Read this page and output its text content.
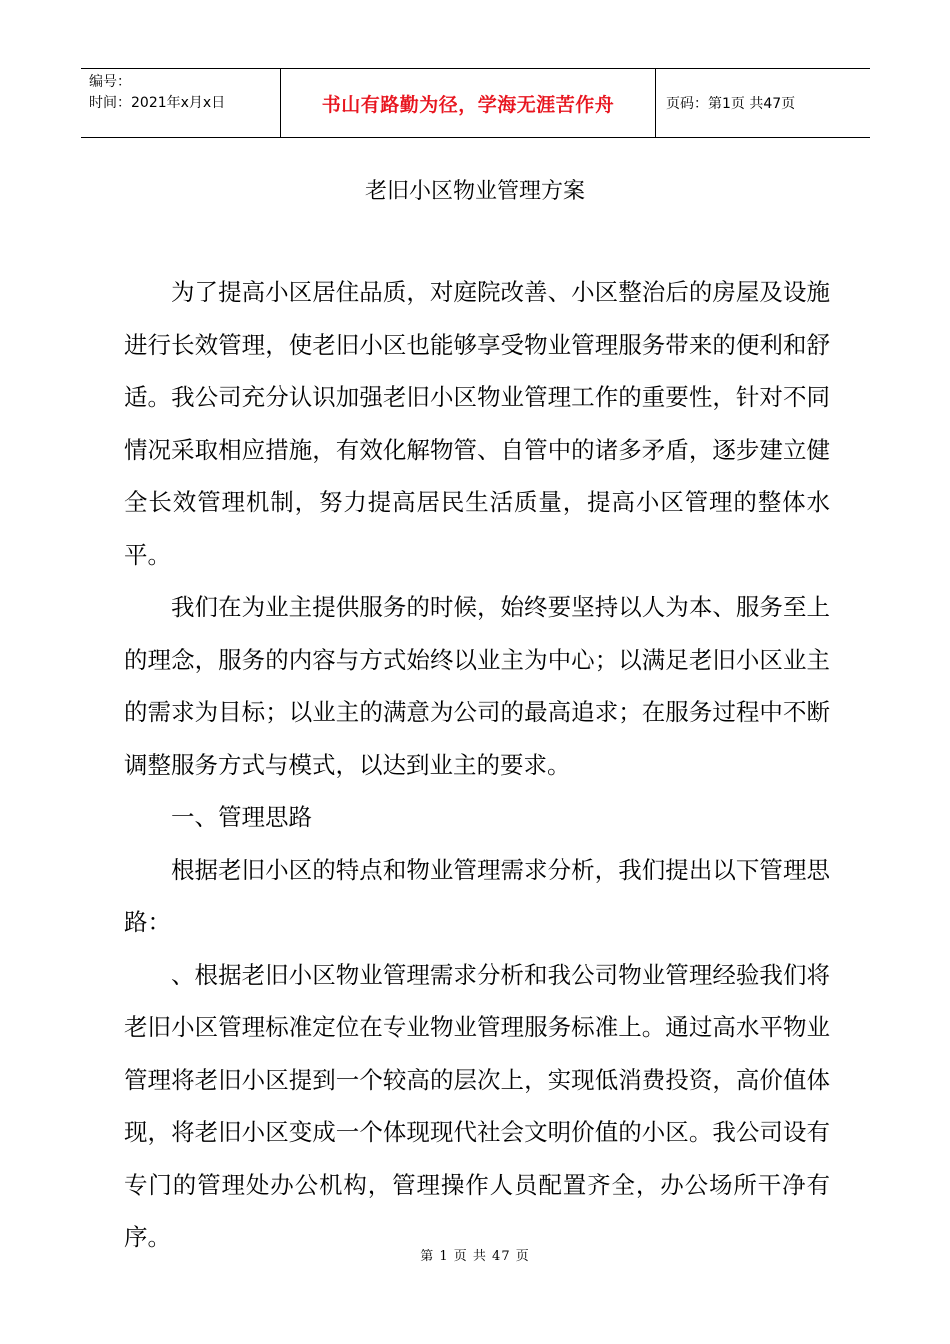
编号：
时间：2021年x月x日	书山有路勤为径，学海无涯苦作舟	页码：第1页 共47页
老旧小区物业管理方案

为了提高小区居住品质，对庭院改善、小区整治后的房屋及设施进行长效管理，使老旧小区也能够享受物业管理服务带来的便利和舒适。我公司充分认识加强老旧小区物业管理工作的重要性，针对不同情况采取相应措施，有效化解物管、自管中的诸多矛盾，逐步建立健全长效管理机制，努力提高居民生活质量，提高小区管理的整体水平。

我们在为业主提供服务的时候，始终要坚持以人为本、服务至上的理念，服务的内容与方式始终以业主为中心；以满足老旧小区业主的需求为目标；以业主的满意为公司的最高追求；在服务过程中不断调整服务方式与模式，以达到业主的要求。

一、管理思路

根据老旧小区的特点和物业管理需求分析，我们提出以下管理思路：

、根据老旧小区物业管理需求分析和我公司物业管理经验我们将老旧小区管理标准定位在专业物业管理服务标准上。通过高水平物业管理将老旧小区提到一个较高的层次上，实现低消费投资，高价值体现，将老旧小区变成一个体现现代社会文明价值的小区。我公司设有专门的管理处办公机构，管理操作人员配置齐全，办公场所干净有序。

第 1 页 共 47 页
